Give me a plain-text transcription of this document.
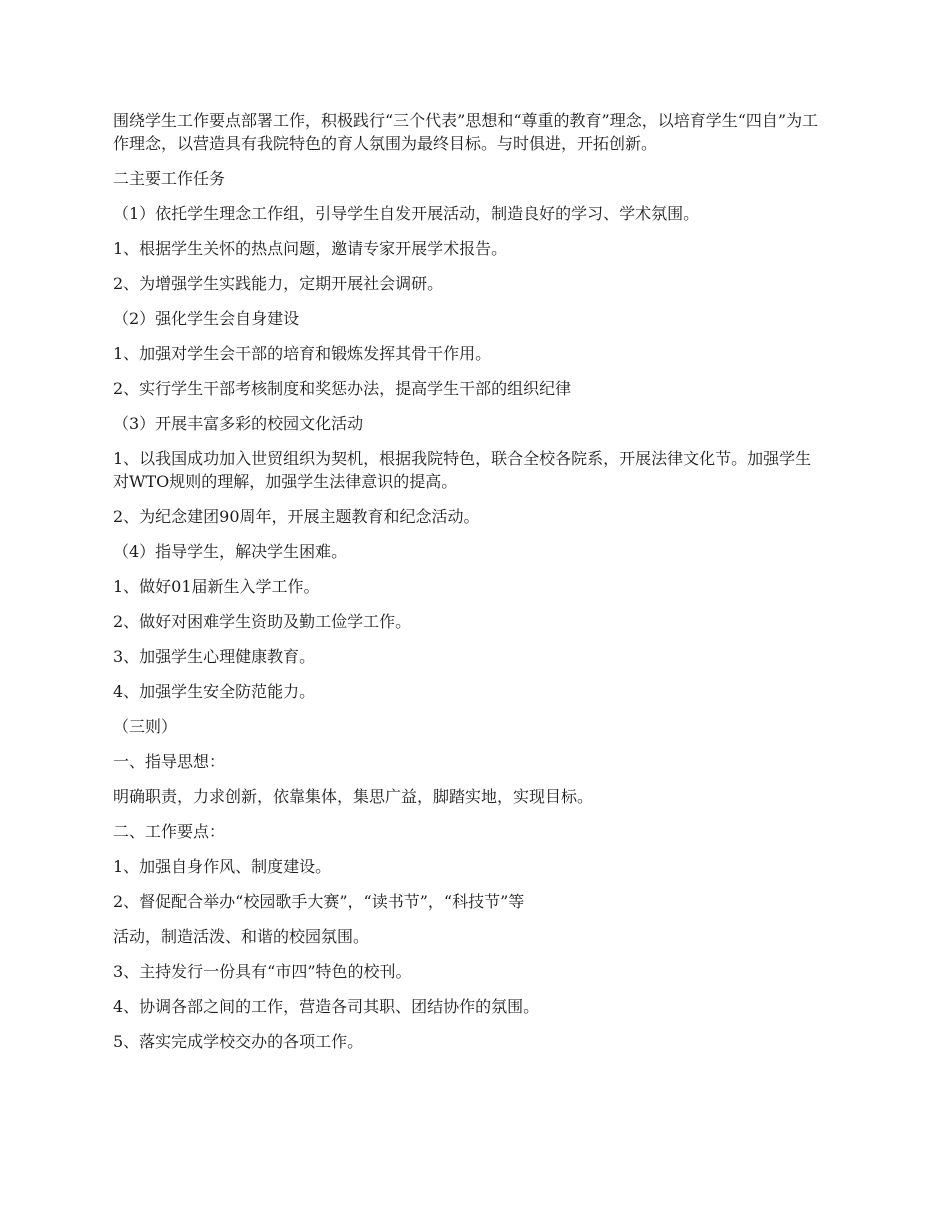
围绕学生工作要点部署工作，积极践行“三个代表”思想和“尊重的教育”理念，以培育学生“四自”为工作理念，以营造具有我院特色的育人氛围为最终目标。与时俱进，开拓创新。

二主要工作任务

（1）依托学生理念工作组，引导学生自发开展活动，制造良好的学习、学术氛围。

1、根据学生关怀的热点问题，邀请专家开展学术报告。

2、为增强学生实践能力，定期开展社会调研。

（2）强化学生会自身建设

1、加强对学生会干部的培育和锻炼发挥其骨干作用。

2、实行学生干部考核制度和奖惩办法，提高学生干部的组织纪律

（3）开展丰富多彩的校园文化活动

1、以我国成功加入世贸组织为契机，根据我院特色，联合全校各院系，开展法律文化节。加强学生对WTO规则的理解，加强学生法律意识的提高。

2、为纪念建团90周年，开展主题教育和纪念活动。

（4）指导学生，解决学生困难。

1、做好01届新生入学工作。

2、做好对困难学生资助及勤工俭学工作。

3、加强学生心理健康教育。

4、加强学生安全防范能力。

（三则）

一、指导思想：

明确职责，力求创新，依靠集体，集思广益，脚踏实地，实现目标。

二、工作要点：

1、加强自身作风、制度建设。

2、督促配合举办“校园歌手大赛”，“读书节”，“科技节”等

活动，制造活泼、和谐的校园氛围。

3、主持发行一份具有“市四”特色的校刊。

4、协调各部之间的工作，营造各司其职、团结协作的氛围。

5、落实完成学校交办的各项工作。
